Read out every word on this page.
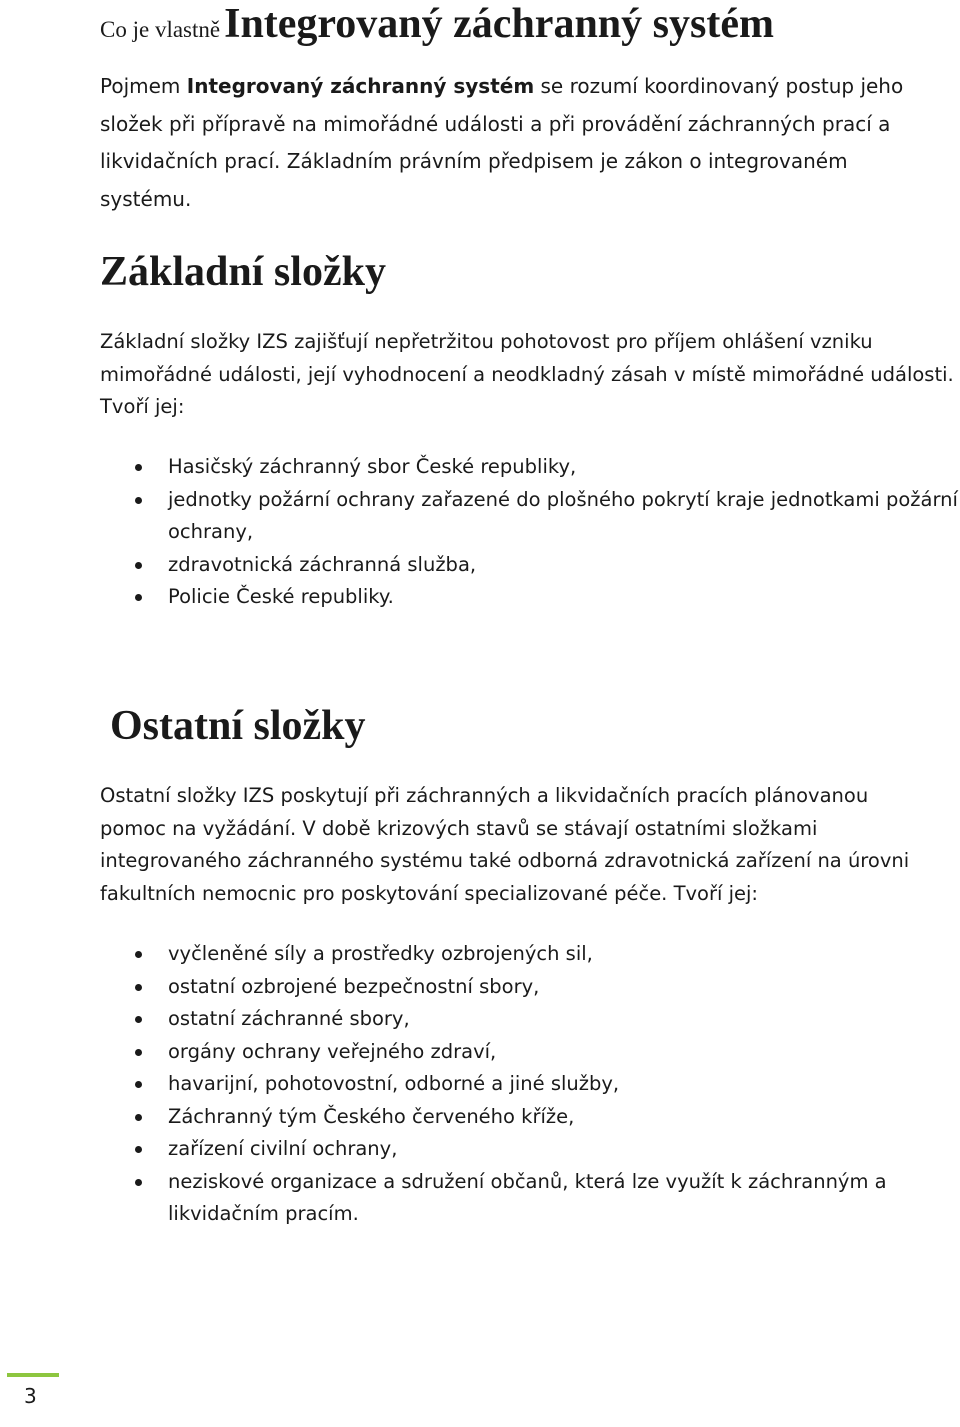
Co je vlastně Integrovaný záchranný systém

Pojmem Integrovaný záchranný systém se rozumí koordinovaný postup jeho složek při přípravě na mimořádné události a při provádění záchranných prací a likvidačních prací. Základním právním předpisem je zákon o integrovaném systému.

Základní složky

Základní složky IZS zajišťují nepřetržitou pohotovost pro příjem ohlášení vzniku mimořádné události, její vyhodnocení a neodkladný zásah v místě mimořádné události. Tvoří jej:

Hasičský záchranný sbor České republiky,
jednotky požární ochrany zařazené do plošného pokrytí kraje jednotkami požární ochrany,
zdravotnická záchranná služba,
Policie České republiky.
Ostatní složky

Ostatní složky IZS poskytují při záchranných a likvidačních pracích plánovanou pomoc na vyžádání. V době krizových stavů se stávají ostatními složkami integrovaného záchranného systému také odborná zdravotnická zařízení na úrovni fakultních nemocnic pro poskytování specializované péče. Tvoří jej:

vyčleněné síly a prostředky ozbrojených sil,
ostatní ozbrojené bezpečnostní sbory,
ostatní záchranné sbory,
orgány ochrany veřejného zdraví,
havarijní, pohotovostní, odborné a jiné služby,
Záchranný tým Českého červeného kříže,
zařízení civilní ochrany,
neziskové organizace a sdružení občanů, která lze využít k záchranným a likvidačním pracím.
3
